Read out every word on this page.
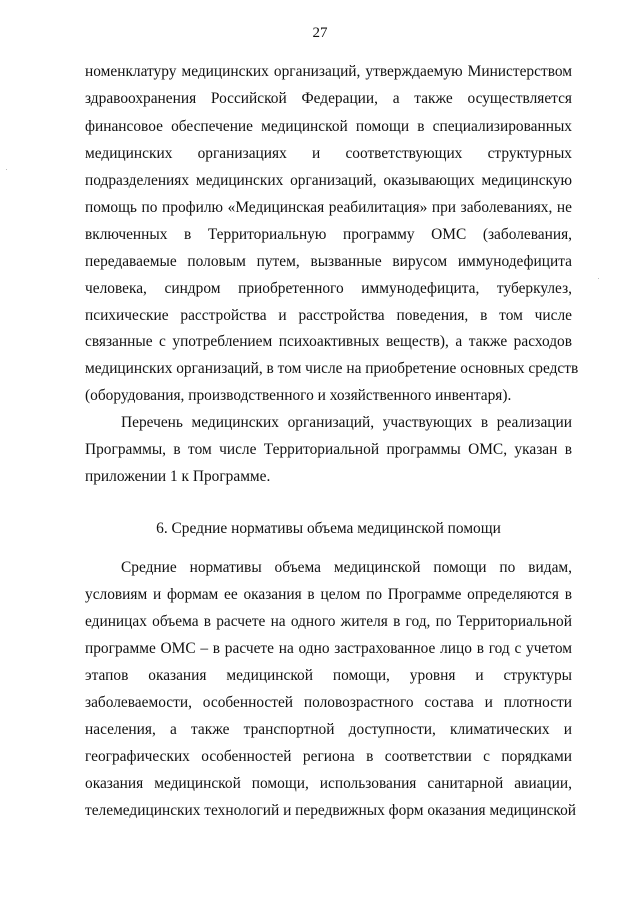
27
номенклатуру медицинских организаций, утверждаемую Министерством
здравоохранения Российской Федерации, а также осуществляется
финансовое обеспечение медицинской помощи в специализированных
медицинских организациях и соответствующих структурных
подразделениях медицинских организаций, оказывающих медицинскую
помощь по профилю «Медицинская реабилитация» при заболеваниях, не
включенных в Территориальную программу ОМС (заболевания,
передаваемые половым путем, вызванные вирусом иммунодефицита
человека, синдром приобретенного иммунодефицита, туберкулез,
психические расстройства и расстройства поведения, в том числе
связанные с употреблением психоактивных веществ), а также расходов
медицинских организаций, в том числе на приобретение основных средств
(оборудования, производственного и хозяйственного инвентаря).
Перечень медицинских организаций, участвующих в реализации
Программы, в том числе Территориальной программы ОМС, указан в
приложении 1 к Программе.
6. Средние нормативы объема медицинской помощи
Средние нормативы объема медицинской помощи по видам,
условиям и формам ее оказания в целом по Программе определяются в
единицах объема в расчете на одного жителя в год, по Территориальной
программе ОМС – в расчете на одно застрахованное лицо в год с учетом
этапов оказания медицинской помощи, уровня и структуры
заболеваемости, особенностей половозрастного состава и плотности
населения, а также транспортной доступности, климатических и
географических особенностей региона в соответствии с порядками
оказания медицинской помощи, использования санитарной авиации,
телемедицинских технологий и передвижных форм оказания медицинской
